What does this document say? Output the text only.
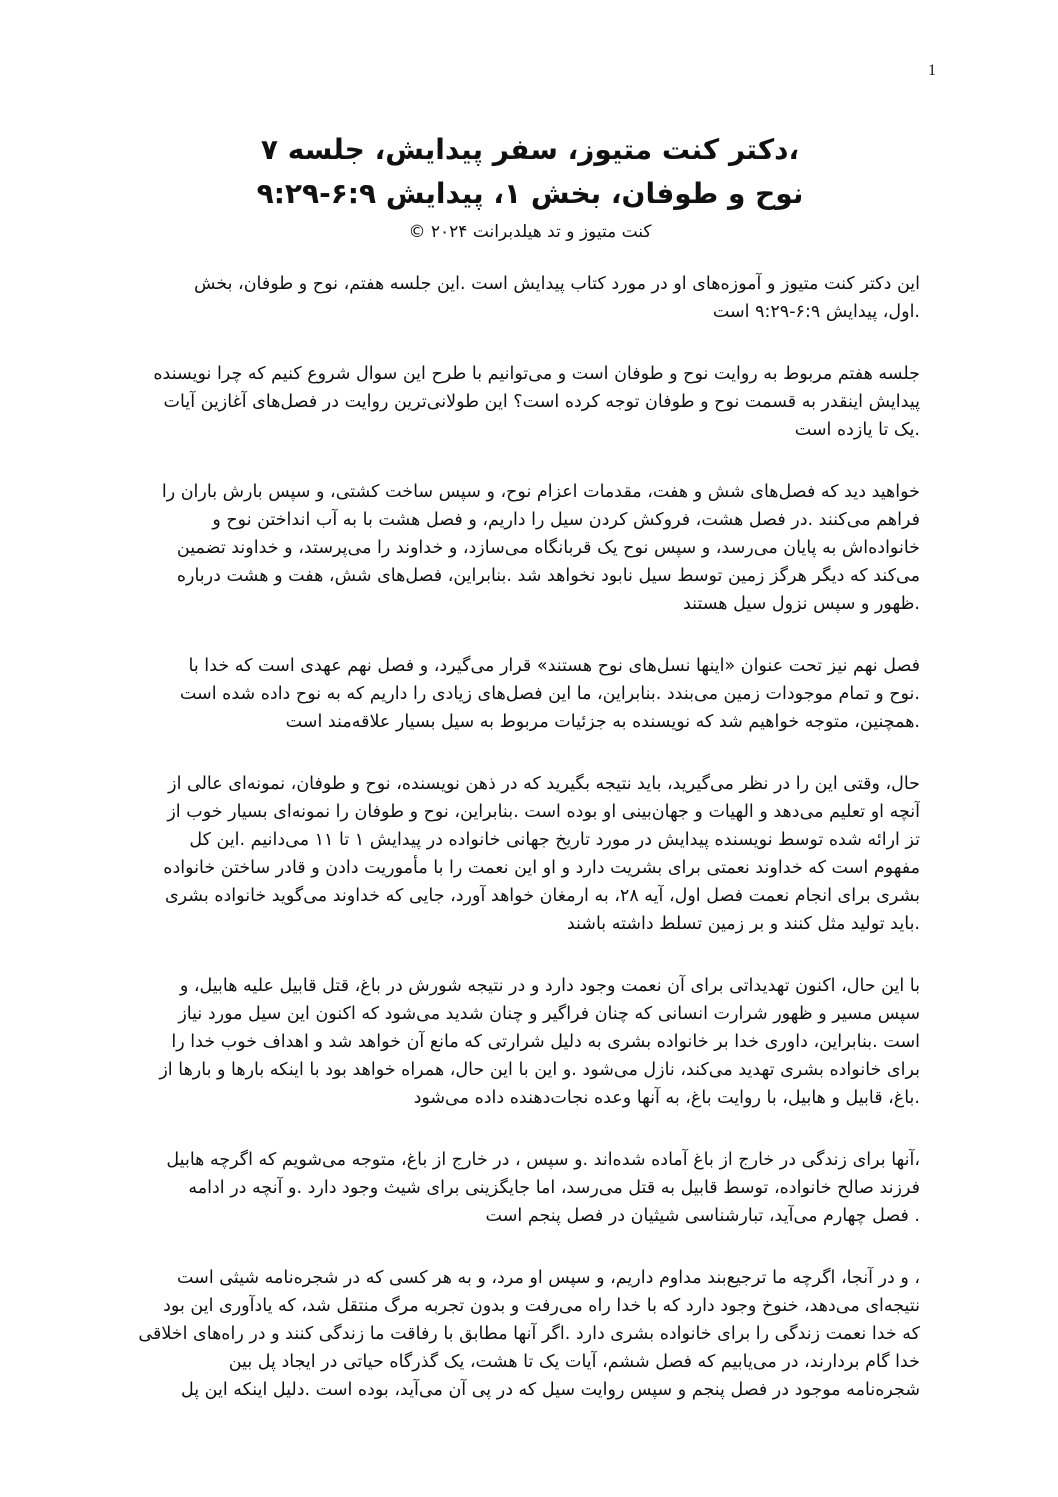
1
،دکتر کنت متیوز، سفر پیدایش، جلسه ۷
نوح و طوفان، بخش ۱، پیدایش ۶:۹-۹:۲۹
کنت متیوز و تد هیلدبرانت ۲۰۲۴ ©

این دکتر کنت متیوز و آموزه‌های او در مورد کتاب پیدایش است .این جلسه هفتم، نوح و طوفان، بخش
.اول، پیدایش ۶:۹-۹:۲۹ است

جلسه هفتم مربوط به روایت نوح و طوفان است و می‌توانیم با طرح این سوال شروع کنیم که چرا نویسنده
پیدایش اینقدر به قسمت نوح و طوفان توجه کرده است؟ این طولانی‌ترین روایت در فصل‌های آغازین آیات
.یک تا یازده است

خواهید دید که فصل‌های شش و هفت، مقدمات اعزام نوح، و سپس ساخت کشتی، و سپس بارش باران را
فراهم می‌کنند .در فصل هشت، فروکش کردن سیل را داریم، و فصل هشت با به آب انداختن نوح و
خانواده‌اش به پایان می‌رسد، و سپس نوح یک قربانگاه می‌سازد، و خداوند را می‌پرستد، و خداوند تضمین
می‌کند که دیگر هرگز زمین توسط سیل نابود نخواهد شد .بنابراین، فصل‌های شش، هفت و هشت درباره
.ظهور و سپس نزول سیل هستند

فصل نهم نیز تحت عنوان «اینها نسل‌های نوح هستند» قرار می‌گیرد، و فصل نهم عهدی است که خدا با
.نوح و تمام موجودات زمین می‌بندد .بنابراین، ما این فصل‌های زیادی را داریم که به نوح داده شده است
.همچنین، متوجه خواهیم شد که نویسنده به جزئیات مربوط به سیل بسیار علاقه‌مند است

حال، وقتی این را در نظر می‌گیرید، باید نتیجه بگیرید که در ذهن نویسنده، نوح و طوفان، نمونه‌ای عالی از
آنچه او تعلیم می‌دهد و الهیات و جهان‌بینی او بوده است .بنابراین، نوح و طوفان را نمونه‌ای بسیار خوب از
تز ارائه شده توسط نویسنده پیدایش در مورد تاریخ جهانی خانواده در پیدایش ۱ تا ۱۱ می‌دانیم .این کل
مفهوم است که خداوند نعمتی برای بشریت دارد و او این نعمت را با مأموریت دادن و قادر ساختن خانواده
بشری برای انجام نعمت فصل اول، آیه ۲۸، به ارمغان خواهد آورد، جایی که خداوند می‌گوید خانواده بشری
.باید تولید مثل کنند و بر زمین تسلط داشته باشند

با این حال، اکنون تهدیداتی برای آن نعمت وجود دارد و در نتیجه شورش در باغ، قتل قابیل علیه هابیل، و
سپس مسیر و ظهور شرارت انسانی که چنان فراگیر و چنان شدید می‌شود که اکنون این سیل مورد نیاز
است .بنابراین، داوری خدا بر خانواده بشری به دلیل شرارتی که مانع آن خواهد شد و اهداف خوب خدا را
برای خانواده بشری تهدید می‌کند، نازل می‌شود .و این با این حال، همراه خواهد بود با اینکه بارها و بارها از
.باغ، قابیل و هابیل، با روایت باغ، به آنها وعده نجات‌دهنده داده می‌شود

،آنها برای زندگی در خارج از باغ آماده شده‌اند .و سپس ، در خارج از باغ، متوجه می‌شویم که اگرچه هابیل
فرزند صالح خانواده، توسط قابیل به قتل می‌رسد، اما جایگزینی برای شیث وجود دارد .و آنچه در ادامه
. فصل چهارم می‌آید، تبارشناسی شیثیان در فصل پنجم است

، و در آنجا، اگرچه ما ترجیع‌بند مداوم داریم، و سپس او مرد، و به هر کسی که در شجره‌نامه شیثی است
نتیجه‌ای می‌دهد، خنوخ وجود دارد که با خدا راه می‌رفت و بدون تجربه مرگ منتقل شد، که یادآوری این بود
که خدا نعمت زندگی را برای خانواده بشری دارد .اگر آنها مطابق با رفاقت ما زندگی کنند و در راه‌های اخلاقی
خدا گام بردارند، در می‌یابیم که فصل ششم، آیات یک تا هشت، یک گذرگاه حیاتی در ایجاد پل بین
شجره‌نامه موجود در فصل پنجم و سپس روایت سیل که در پی آن می‌آید، بوده است .دلیل اینکه این پل
